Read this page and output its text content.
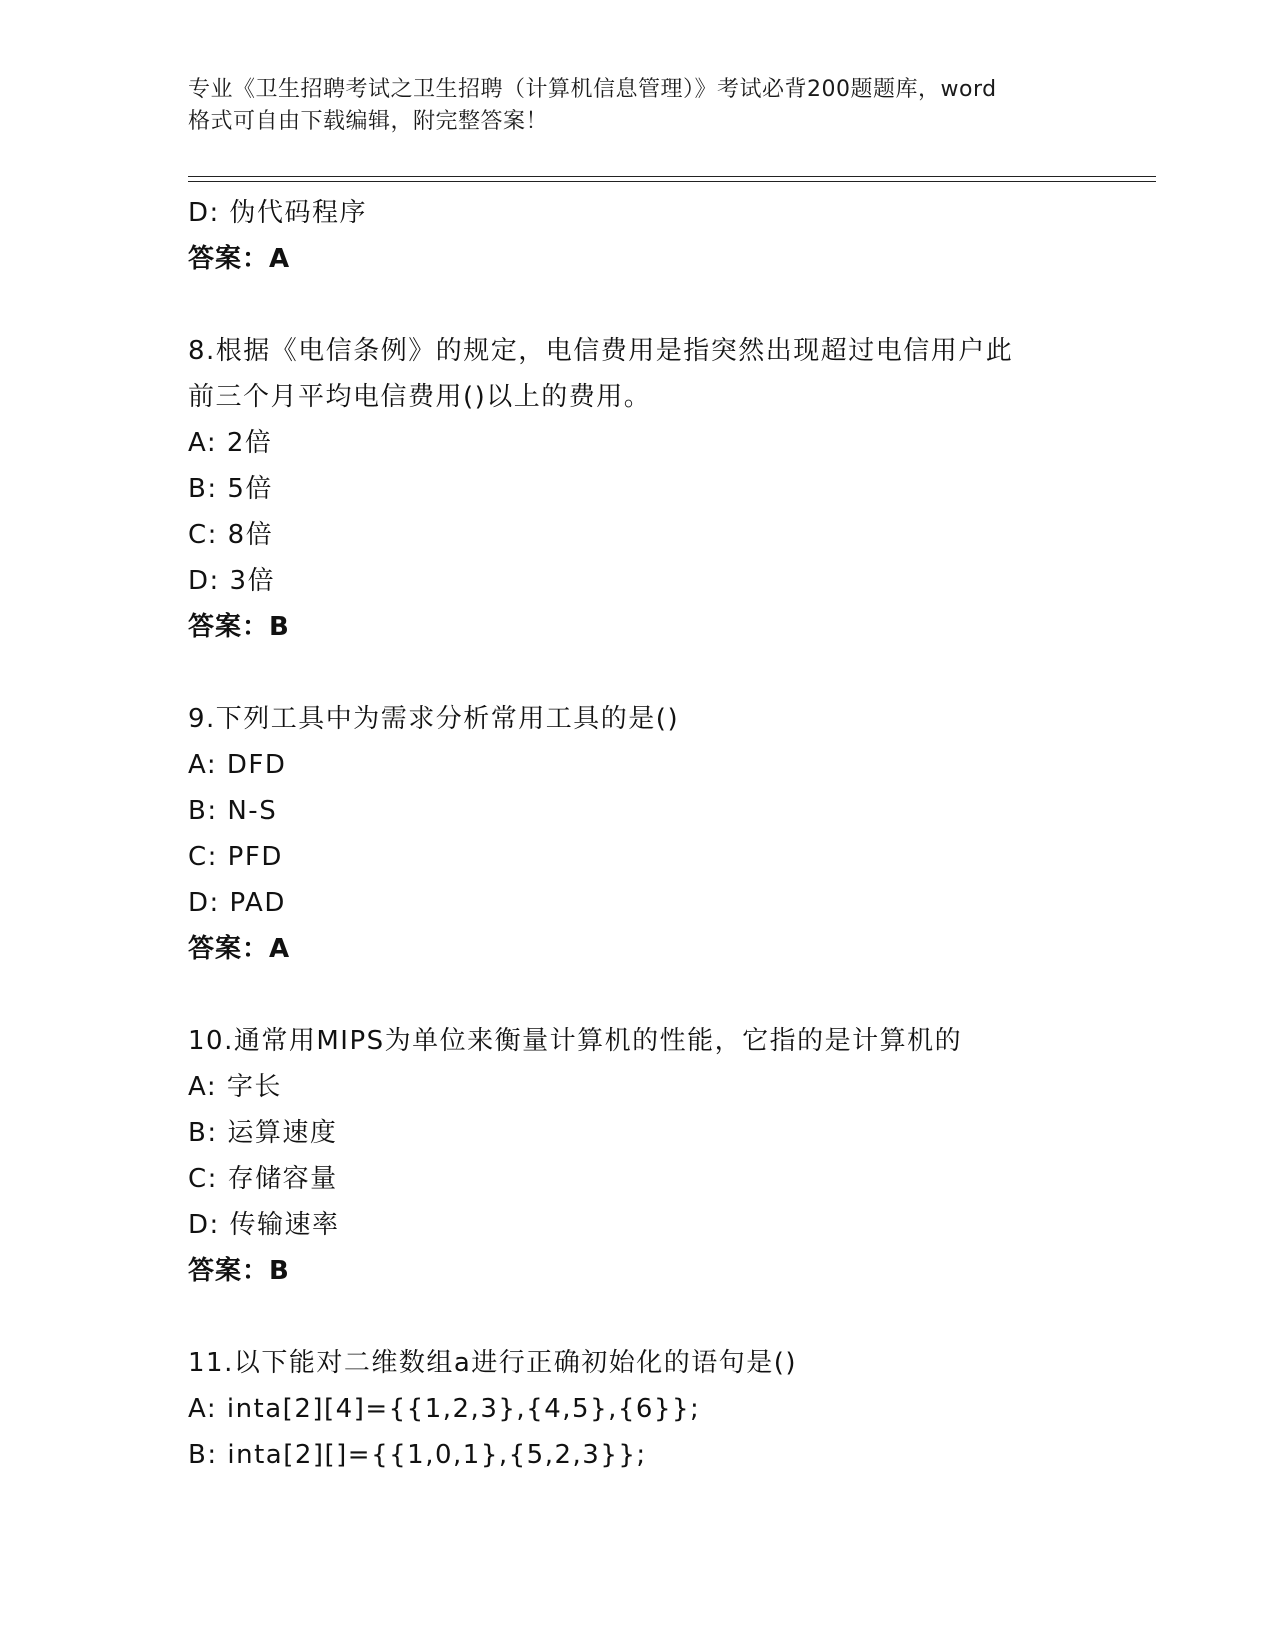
专业《卫生招聘考试之卫生招聘（计算机信息管理）》考试必背200题题库，word
格式可自由下载编辑，附完整答案！
D: 伪代码程序
答案：A
8.根据《电信条例》的规定，电信费用是指突然出现超过电信用户此
前三个月平均电信费用()以上的费用。
A: 2倍
B: 5倍
C: 8倍
D: 3倍
答案：B
9.下列工具中为需求分析常用工具的是()
A: DFD
B: N-S
C: PFD
D: PAD
答案：A
10.通常用MIPS为单位来衡量计算机的性能，它指的是计算机的
A: 字长
B: 运算速度
C: 存储容量
D: 传输速率
答案：B
11.以下能对二维数组a进行正确初始化的语句是()
A: inta[2][4]={{1,2,3},{4,5},{6}};
B: inta[2][]={{1,0,1},{5,2,3}};
